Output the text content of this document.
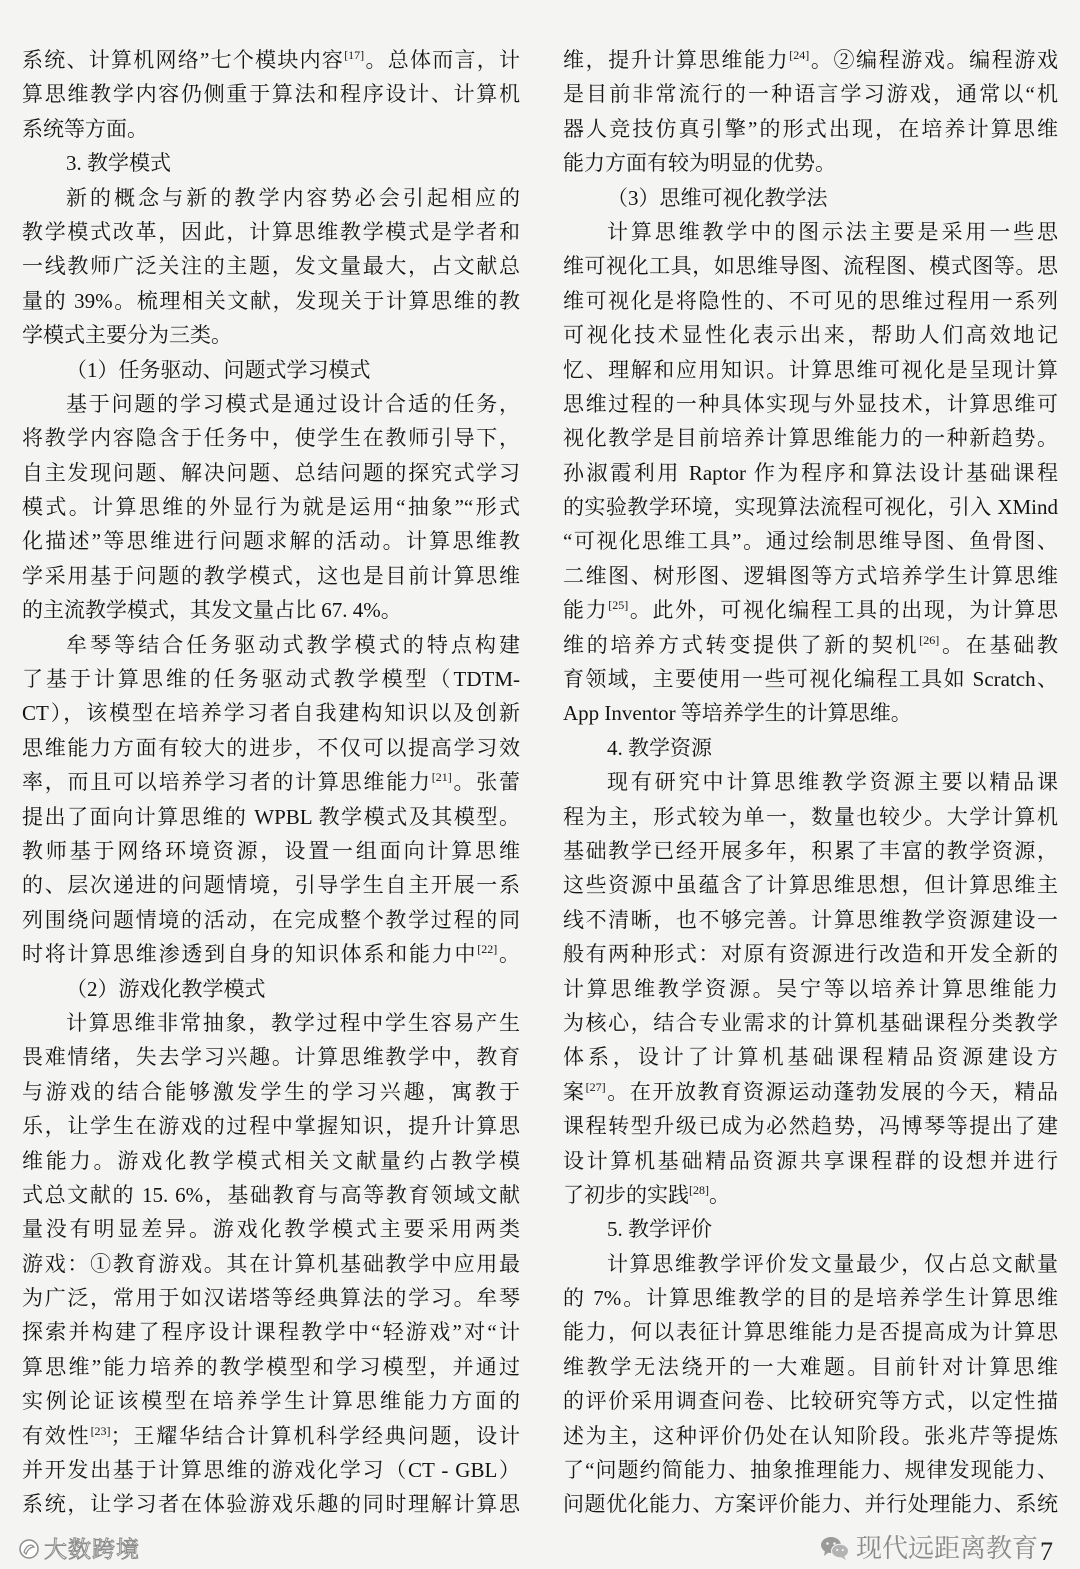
系统、计算机网络”七个模块内容[17]。总体而言，计
算思维教学内容仍侧重于算法和程序设计、计算机
系统等方面。
3. 教学模式
新的概念与新的教学内容势必会引起相应的
教学模式改革，因此，计算思维教学模式是学者和
一线教师广泛关注的主题，发文量最大，占文献总
量的 39%。梳理相关文献，发现关于计算思维的教
学模式主要分为三类。
（1）任务驱动、问题式学习模式
基于问题的学习模式是通过设计合适的任务，
将教学内容隐含于任务中，使学生在教师引导下，
自主发现问题、解决问题、总结问题的探究式学习
模式。计算思维的外显行为就是运用“抽象”“形式
化描述”等思维进行问题求解的活动。计算思维教
学采用基于问题的教学模式，这也是目前计算思维
的主流教学模式，其发文量占比 67. 4%。
牟琴等结合任务驱动式教学模式的特点构建
了基于计算思维的任务驱动式教学模型（TDTM-
CT），该模型在培养学习者自我建构知识以及创新
思维能力方面有较大的进步，不仅可以提高学习效
率，而且可以培养学习者的计算思维能力[21]。张蕾
提出了面向计算思维的 WPBL 教学模式及其模型。
教师基于网络环境资源，设置一组面向计算思维
的、层次递进的问题情境，引导学生自主开展一系
列围绕问题情境的活动，在完成整个教学过程的同
时将计算思维渗透到自身的知识体系和能力中[22]。
（2）游戏化教学模式
计算思维非常抽象，教学过程中学生容易产生
畏难情绪，失去学习兴趣。计算思维教学中，教育
与游戏的结合能够激发学生的学习兴趣，寓教于
乐，让学生在游戏的过程中掌握知识，提升计算思
维能力。游戏化教学模式相关文献量约占教学模
式总文献的 15. 6%，基础教育与高等教育领域文献
量没有明显差异。游戏化教学模式主要采用两类
游戏：①教育游戏。其在计算机基础教学中应用最
为广泛，常用于如汉诺塔等经典算法的学习。牟琴
探索并构建了程序设计课程教学中“轻游戏”对“计
算思维”能力培养的教学模型和学习模型，并通过
实例论证该模型在培养学生计算思维能力方面的
有效性[23]；王耀华结合计算机科学经典问题，设计
并开发出基于计算思维的游戏化学习（CT - GBL）
系统，让学习者在体验游戏乐趣的同时理解计算思
维，提升计算思维能力[24]。②编程游戏。编程游戏
是目前非常流行的一种语言学习游戏，通常以“机
器人竞技仿真引擎”的形式出现，在培养计算思维
能力方面有较为明显的优势。
（3）思维可视化教学法
计算思维教学中的图示法主要是采用一些思
维可视化工具，如思维导图、流程图、模式图等。思
维可视化是将隐性的、不可见的思维过程用一系列
可视化技术显性化表示出来，帮助人们高效地记
忆、理解和应用知识。计算思维可视化是呈现计算
思维过程的一种具体实现与外显技术，计算思维可
视化教学是目前培养计算思维能力的一种新趋势。
孙淑霞利用 Raptor 作为程序和算法设计基础课程
的实验教学环境，实现算法流程可视化，引入 XMind
“可视化思维工具”。通过绘制思维导图、鱼骨图、
二维图、树形图、逻辑图等方式培养学生计算思维
能力[25]。此外，可视化编程工具的出现，为计算思
维的培养方式转变提供了新的契机[26]。在基础教
育领域，主要使用一些可视化编程工具如 Scratch、
App Inventor 等培养学生的计算思维。
4. 教学资源
现有研究中计算思维教学资源主要以精品课
程为主，形式较为单一，数量也较少。大学计算机
基础教学已经开展多年，积累了丰富的教学资源，
这些资源中虽蕴含了计算思维思想，但计算思维主
线不清晰，也不够完善。计算思维教学资源建设一
般有两种形式：对原有资源进行改造和开发全新的
计算思维教学资源。吴宁等以培养计算思维能力
为核心，结合专业需求的计算机基础课程分类教学
体系，设计了计算机基础课程精品资源建设方
案[27]。在开放教育资源运动蓬勃发展的今天，精品
课程转型升级已成为必然趋势，冯博琴等提出了建
设计算机基础精品资源共享课程群的设想并进行
了初步的实践[28]。
5. 教学评价
计算思维教学评价发文量最少，仅占总文献量
的 7%。计算思维教学的目的是培养学生计算思维
能力，何以表征计算思维能力是否提高成为计算思
维教学无法绕开的一大难题。目前针对计算思维
的评价采用调查问卷、比较研究等方式，以定性描
述为主，这种评价仍处在认知阶段。张兆芹等提炼
了“问题约简能力、抽象推理能力、规律发现能力、
问题优化能力、方案评价能力、并行处理能力、系统
大数跨境	现代远距离教育 7
